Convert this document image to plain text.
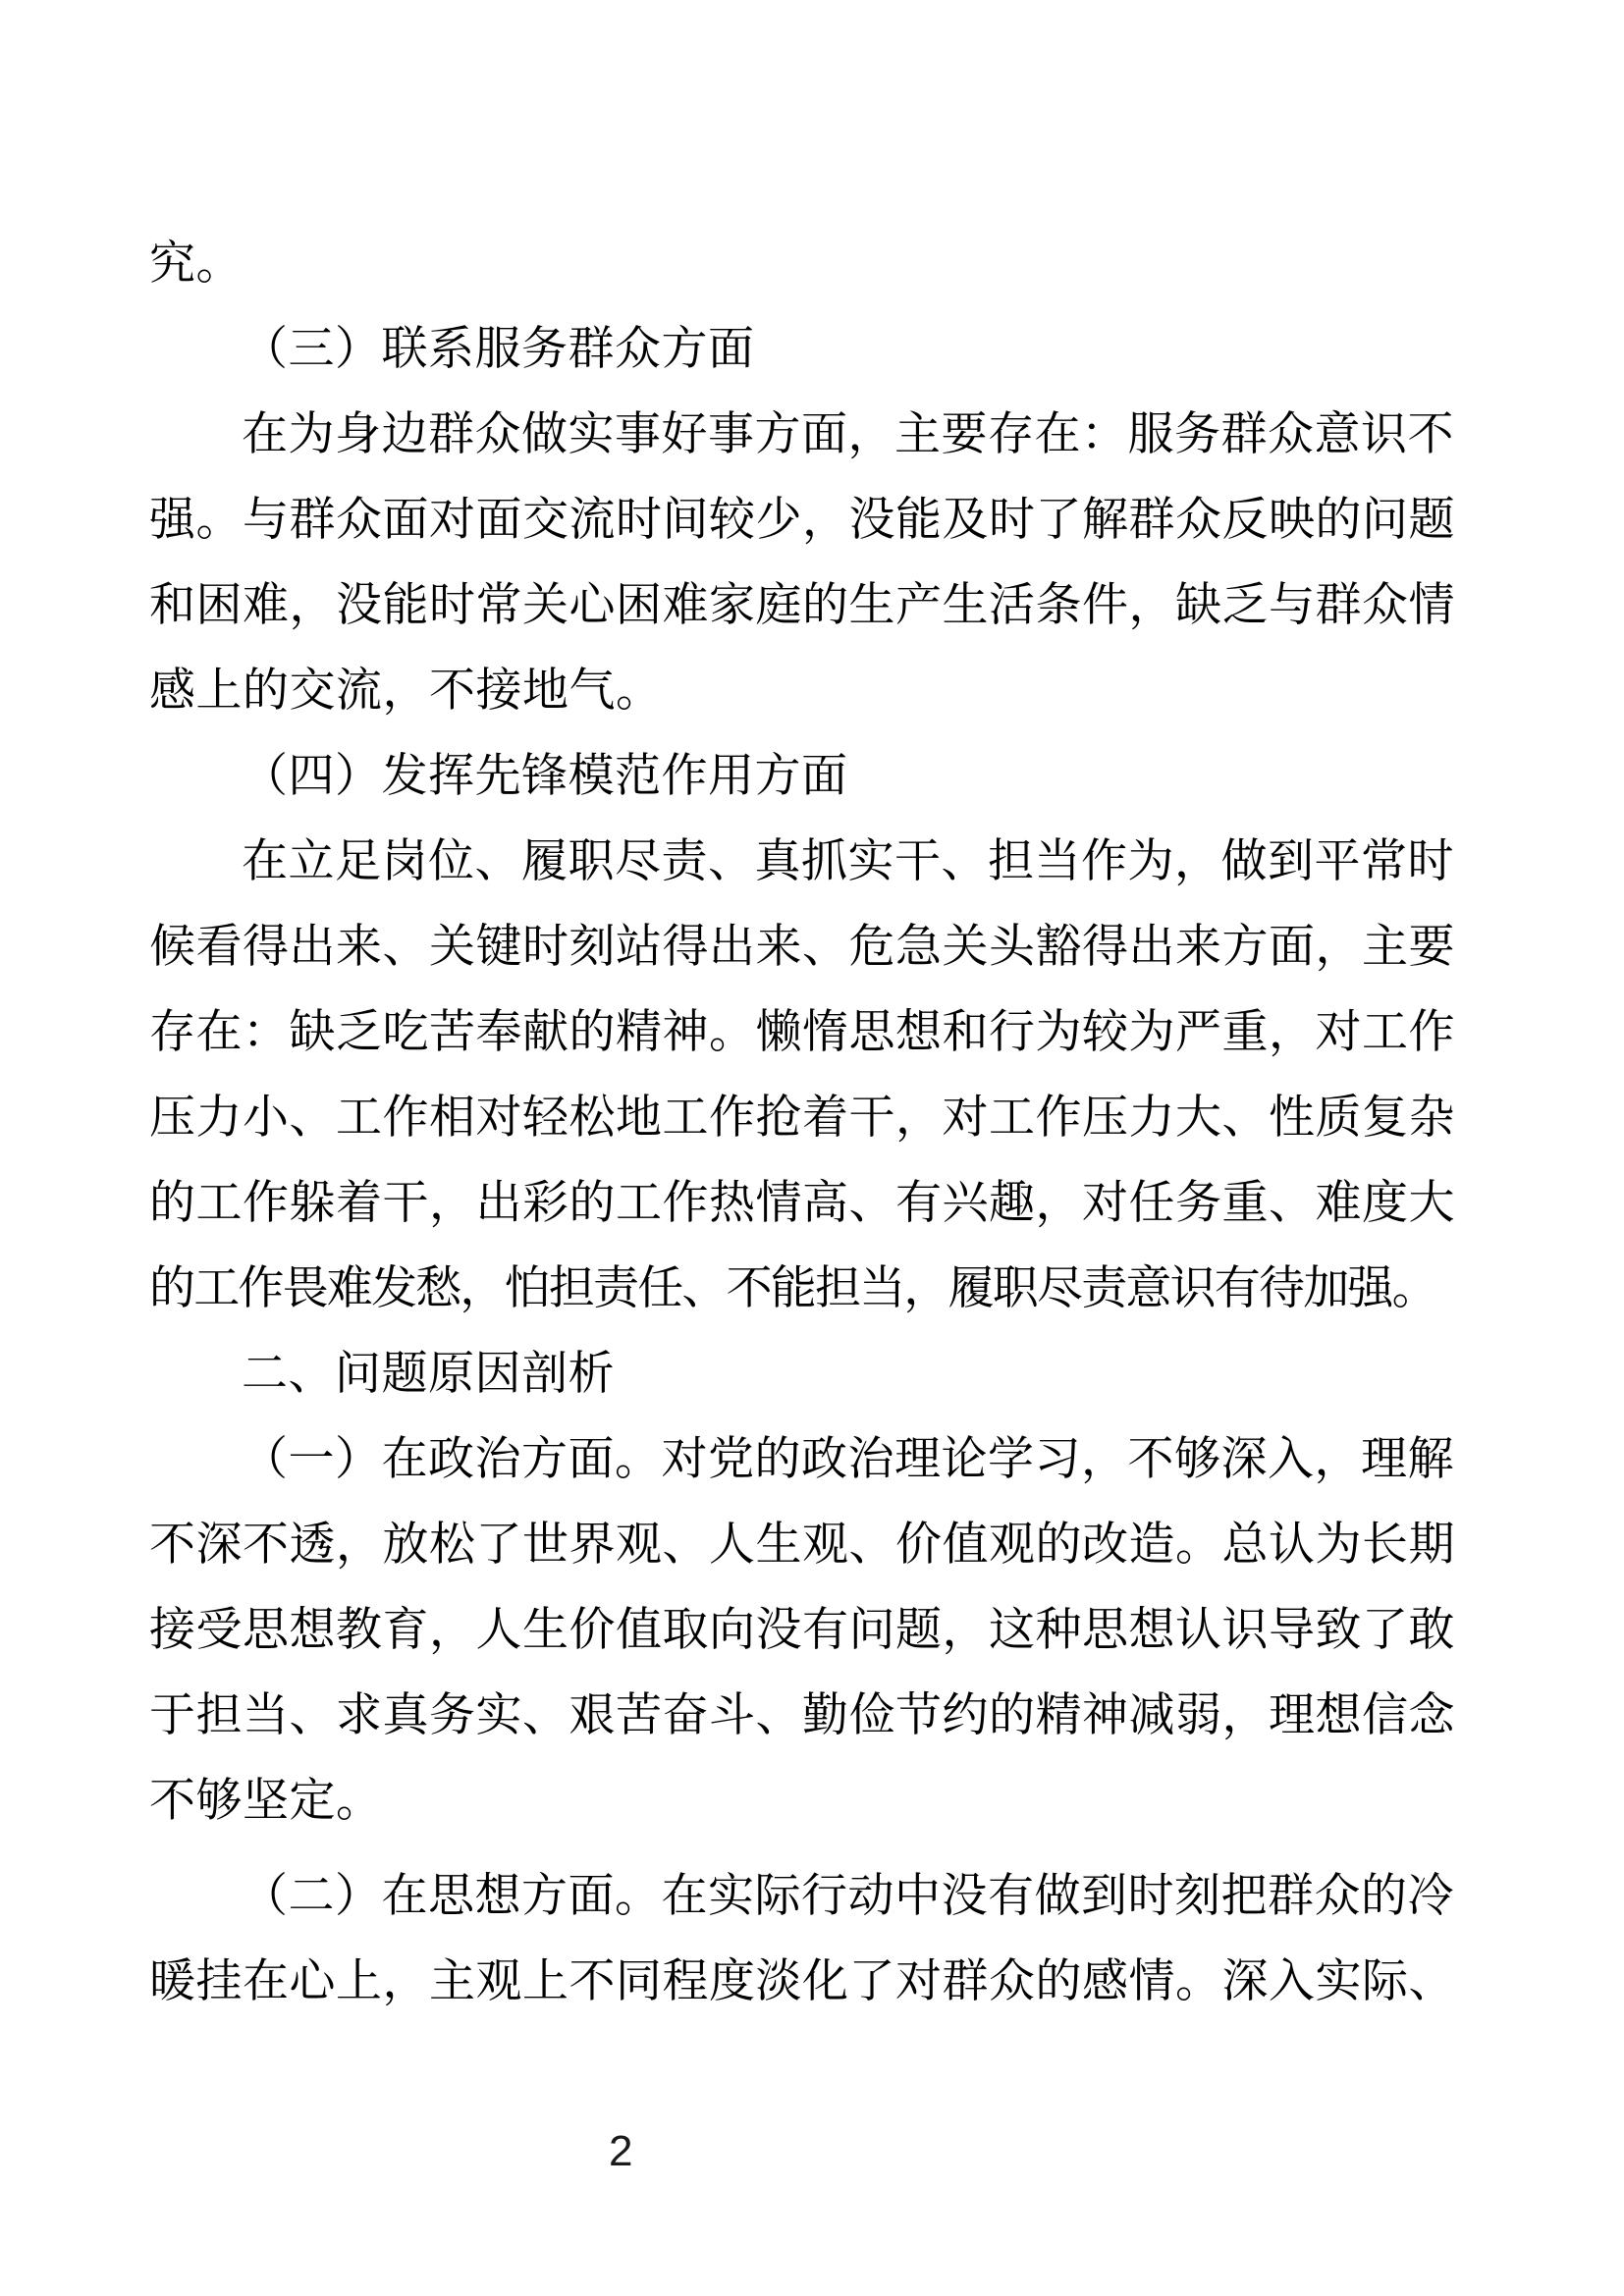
究。
（三）联系服务群众方面
在为身边群众做实事好事方面，主要存在：服务群众意识不
强。与群众面对面交流时间较少，没能及时了解群众反映的问题
和困难，没能时常关心困难家庭的生产生活条件，缺乏与群众情
感上的交流，不接地气。
（四）发挥先锋模范作用方面
在立足岗位、履职尽责、真抓实干、担当作为，做到平常时
候看得出来、关键时刻站得出来、危急关头豁得出来方面，主要
存在：缺乏吃苦奉献的精神。懒惰思想和行为较为严重，对工作
压力小、工作相对轻松地工作抢着干，对工作压力大、性质复杂
的工作躲着干，出彩的工作热情高、有兴趣，对任务重、难度大
的工作畏难发愁，怕担责任、不能担当，履职尽责意识有待加强。
二、问题原因剖析
（一）在政治方面。对党的政治理论学习，不够深入，理解
不深不透，放松了世界观、人生观、价值观的改造。总认为长期
接受思想教育，人生价值取向没有问题，这种思想认识导致了敢
于担当、求真务实、艰苦奋斗、勤俭节约的精神减弱，理想信念
不够坚定。
（二）在思想方面。在实际行动中没有做到时刻把群众的冷
暖挂在心上，主观上不同程度淡化了对群众的感情。深入实际、
2
